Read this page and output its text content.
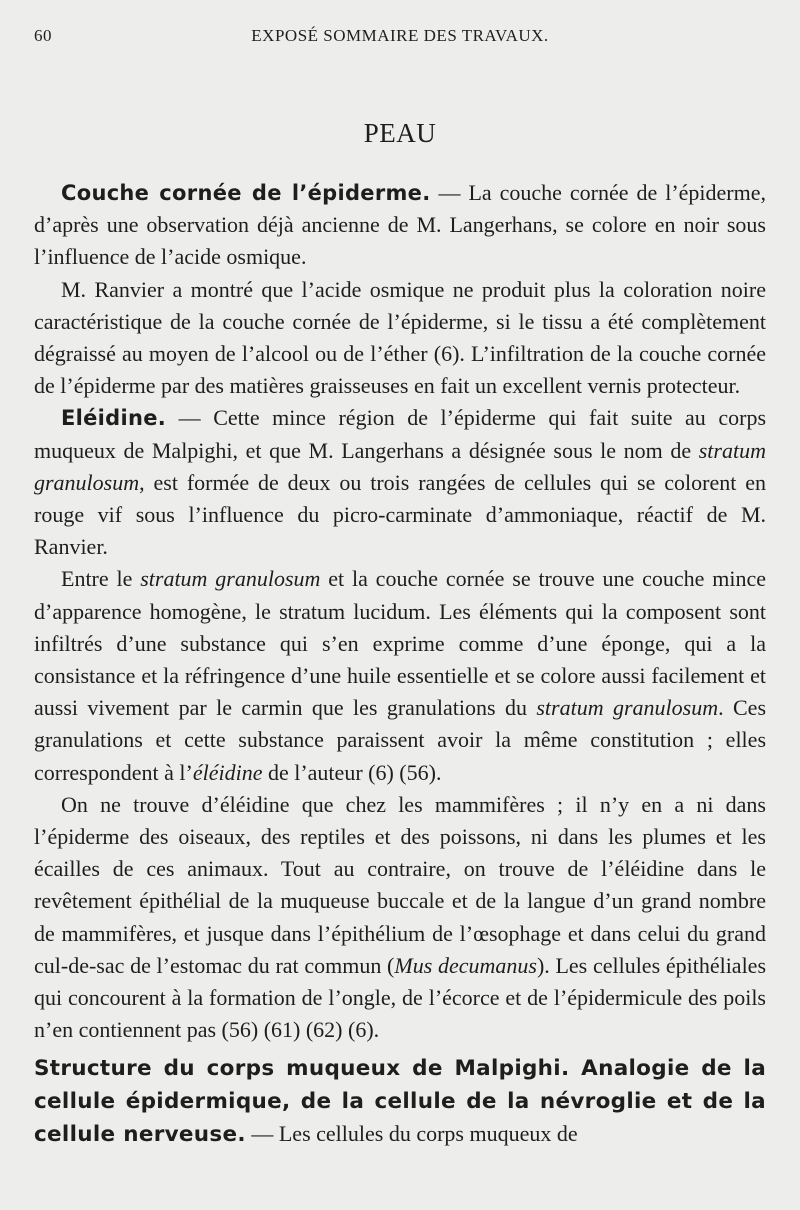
60	EXPOSÉ SOMMAIRE DES TRAVAUX.
PEAU

Couche cornée de l’épiderme. — La couche cornée de l’épiderme, d’après une observation déjà ancienne de M. Langerhans, se colore en noir sous l’influence de l’acide osmique.

M. Ranvier a montré que l’acide osmique ne produit plus la coloration noire caractéristique de la couche cornée de l’épiderme, si le tissu a été complètement dégraissé au moyen de l’alcool ou de l’éther (6). L’infiltration de la couche cornée de l’épiderme par des matières graisseuses en fait un excellent vernis protecteur.

Eléidine. — Cette mince région de l’épiderme qui fait suite au corps muqueux de Malpighi, et que M. Langerhans a désignée sous le nom de stratum granulosum, est formée de deux ou trois rangées de cellules qui se colorent en rouge vif sous l’influence du picro-carminate d’ammoniaque, réactif de M. Ranvier.

Entre le stratum granulosum et la couche cornée se trouve une couche mince d’apparence homogène, le stratum lucidum. Les éléments qui la composent sont infiltrés d’une substance qui s’en exprime comme d’une éponge, qui a la consistance et la réfringence d’une huile essentielle et se colore aussi facilement et aussi vivement par le carmin que les granulations du stratum granulosum. Ces granulations et cette substance paraissent avoir la même constitution ; elles correspondent à l’éléidine de l’auteur (6) (56).

On ne trouve d’éléidine que chez les mammifères ; il n’y en a ni dans l’épiderme des oiseaux, des reptiles et des poissons, ni dans les plumes et les écailles de ces animaux. Tout au contraire, on trouve de l’éléidine dans le revêtement épithélial de la muqueuse buccale et de la langue d’un grand nombre de mammifères, et jusque dans l’épithélium de l’œsophage et dans celui du grand cul-de-sac de l’estomac du rat commun (Mus decumanus). Les cellules épithéliales qui concourent à la formation de l’ongle, de l’écorce et de l’épidermicule des poils n’en contiennent pas (56) (61) (62) (6).

Structure du corps muqueux de Malpighi. Analogie de la cellule épidermique, de la cellule de la névroglie et de la cellule nerveuse. — Les cellules du corps muqueux de
